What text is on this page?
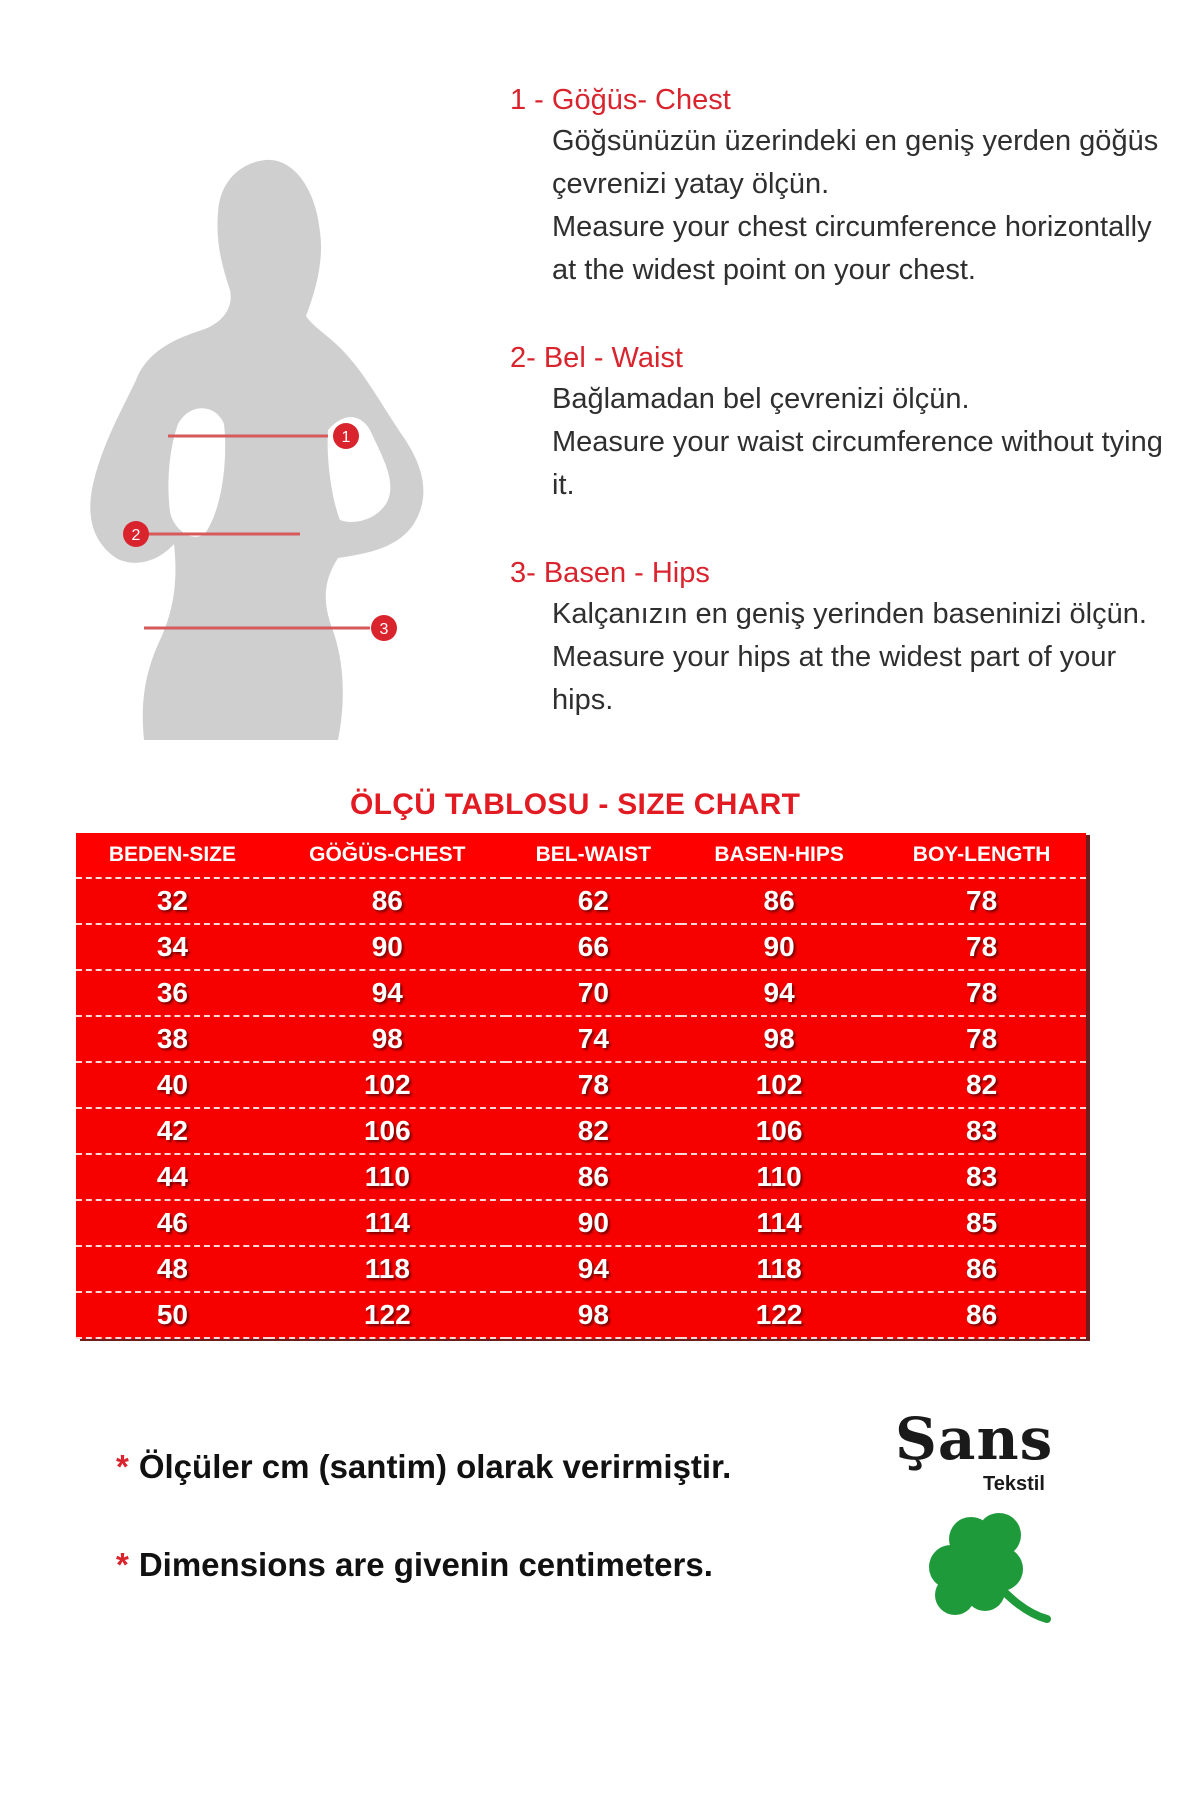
1
2
3

1 - Göğüs- Chest

Göğsünüzün üzerindeki en geniş yerden göğüs çevrenizi yatay ölçün.

Measure your chest circumference horizontally at the widest point on your chest.

2- Bel - Waist

Bağlamadan bel çevrenizi ölçün.

Measure your waist circumference without tying it.

3- Basen - Hips

Kalçanızın en geniş yerinden baseninizi ölçün.

Measure your hips at the widest part of your hips.

ÖLÇÜ TABLOSU - SIZE CHART
BEDEN-SIZE	GÖĞÜS-CHEST	BEL-WAIST	BASEN-HIPS	BOY-LENGTH
32	86	62	86	78
34	90	66	90	78
36	94	70	94	78
38	98	74	98	78
40	102	78	102	82
42	106	82	106	83
44	110	86	110	83
46	114	90	114	85
48	118	94	118	86
50	122	98	122	86
* Ölçüler cm (santim) olarak verirmiştir.
* Dimensions are givenin centimeters.
Şans
Tekstil
